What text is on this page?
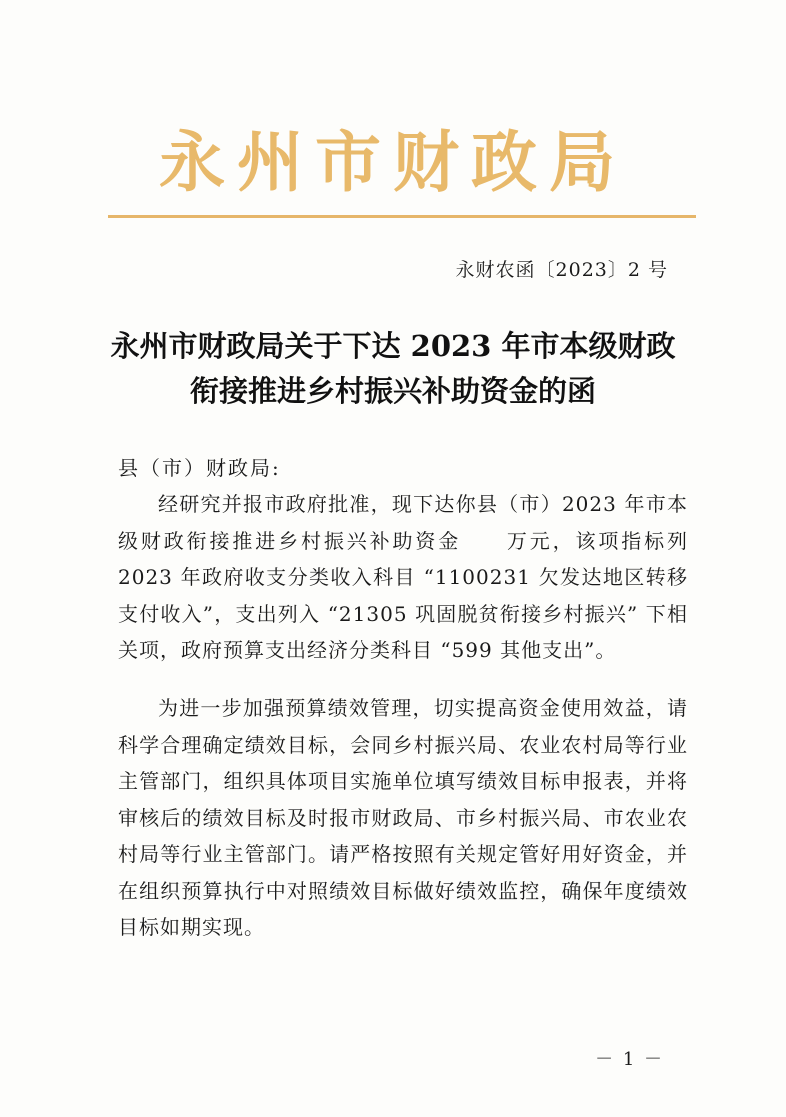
永州市财政局
永财农函〔2023〕2 号
永州市财政局关于下达 2023 年市本级财政
衔接推进乡村振兴补助资金的函
县（市）财政局:
经研究并报市政府批准，现下达你县（市）2023 年市本级财政衔接推进乡村振兴补助资金　　万元，该项指标列 2023 年政府收支分类收入科目 “1100231 欠发达地区转移支付收入”，支出列入 “21305 巩固脱贫衔接乡村振兴” 下相关项，政府预算支出经济分类科目 “599 其他支出”。
为进一步加强预算绩效管理，切实提高资金使用效益，请科学合理确定绩效目标，会同乡村振兴局、农业农村局等行业主管部门，组织具体项目实施单位填写绩效目标申报表，并将审核后的绩效目标及时报市财政局、市乡村振兴局、市农业农村局等行业主管部门。请严格按照有关规定管好用好资金，并在组织预算执行中对照绩效目标做好绩效监控，确保年度绩效目标如期实现。
－ 1 －
